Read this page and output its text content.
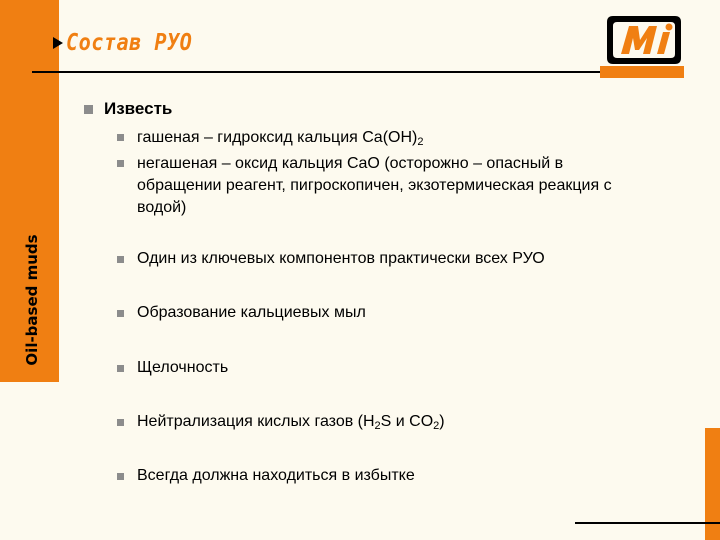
Oil-based muds
Состав РУО
Известь
гашеная – гидроксид кальция $Ca(OH)_2$
негашеная – оксид кальция CaO (осторожно – опасный в
обращении реагент, пигроскопичен, экзотермическая реакция с
водой)
Один из ключевых компонентов практически всех РУО
Образование кальциевых мыл
Щелочность
Нейтрализация кислых газов ($H_2S$ и $CO_2$)
Всегда должна находиться в избытке
